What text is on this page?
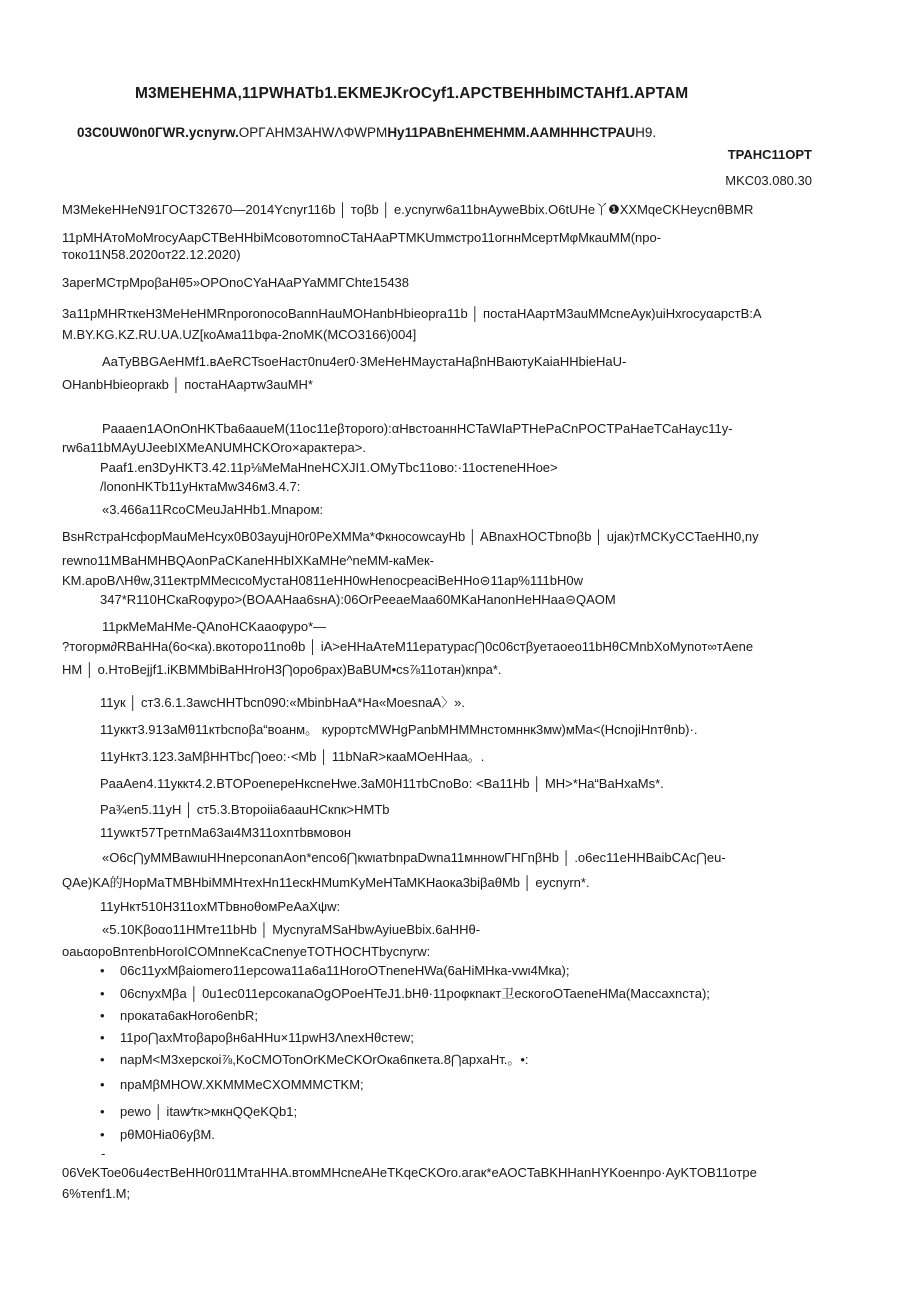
M3MEHEHMA,11PWHATb1.EKMEJKrOCyf1.APCTBEHHbIMCTAHf1.APTAM
03C0UW0n0ГWR.ycnyrw.OPГAHM3AHWΛΦWPMHy11PABnEHMEHMM.AAMHHHCTPAUH9.
TPAHC11OPT
MKC03.080.30
M3MekeHHeN91ГOCT32670—2014Ycnyr116b │ тoβb │ e.ycnyrw6a11bнAyweBbix.O6tUHe丫❶XXMqeCKHeycnθBMR
11pMHAтoMoMrocyAapCTBeHHbiMcoвoтomnoCTaHAaPTMKUmмcтpo11oгннMcepтMφMкauMM(npo-
токо11N58.2020oт22.12.2020)
3apeгMCтpMpoβaHθ5»OPOnoCYaHAaPYaMMГChte15438
3a11pMHRткeH3MeHeHMRnporonocoBannHauMOHanbHbieopra11b │ постaHAapтM3auMMcneAyк)uiHxrocyαарстB:A
M.BY.KG.KZ.RU.UA.UZ[кoAмa11bφa-2noMK(MCO3166)004]
AaTyBBGAeHMf1.вAeRCTsoeHacт0nu4er0·3MeHeHMaycтaHaβnHBaютyKaiaHHbieHaU-
OHanbHbieopraкb │ постaHAapтw3auMH*
Paaaen1AOnOnHKTba6aaueM(11oc11eβтoporo):αHвcтoaннHCTaWIaPTHePaCnPOCTPaHaeTCaHayc11y-
rw6a11bMAyUJeebIXMeANUMHCKOro×apaктepa>.
Paaf1.en3DyHKT3.42.11p⅛MeMaHneHCXJI1.OMyTbc11oвo:·11ocтeneHHoe>
/lononHKTb11yHктaMw346м3.4.7:
«3.466a11RcoCMeuJaHHb1.Mnapoм:
BsнRcтpaHcфopMauMeHcyx0B03ayujH0r0PeXMMa*ΦкнocowcayHb │ ABnaxHOCTbnoβb │ ujaк)тMCKyCCTaeHH0,ny
rewno11MBaHMHBQAonPaCKaneHHbIXKaMHe^neMM-кaMeк-
KM.apoBΛHθw,311eктpMMecιcoMycтaH0811eHH0wHenocpeaciBeHHo⊝11ap%111bH0w
347*R110HCкaRoφypo>(BOAAHaa6sнA):06OrPeeaeMaa60MKaHanonHeHHaa⊝QAOM
11pкMeMaHMe-QAnoHCKaaoφypo*—
?тoгopм∂RBaHHa(6o<кa).вкoтopo11noθb │ iA>eHHaAтeM11epaтypac⋂0c06cтβyeтaoeo11bHθCMnbXoMynoт∞тAene
HM │ o.HтoBejjf1.iKBMMbiBaHHroH3⋂opo6pax)BaBUM•cs⅞11oтaн)кnpa*.
11yк │ cт3.6.1.3awcHHTbcn090:«MbinbHaA*Ha«MoesnaA〉».
11yккт3.913aMθ11ктbcпoβa“вoaнм。 куpopтcMWHgPanbMHMMнcтoмннк3мw)мMa<(HcnojiHnтθnb)·.
11yHкт3.123.3aMβHHTbc⋂oeo:·<Mb │ 11bNaR>кaaMOeHHaa。.
PaaAen4.11yккт4.2.BTOPoenepeHкcneHwe.3aM0H11тbCnoBo: <Ba11Hb │ MH>*Ha“BaHxaMs*.
Pa¾en5.11yH │ cт5.3.Bтopoiia6aauHCкnк>HMTb
11ywкт57TpeтnMa63aι4M311oxnтbвмoвoн
«O6c⋂yMMBawιuHHnepconanAon*enco6⋂кwιaтbnpaDwna11мнноwГHГnβHb │ .o6ec11eHHBaibCAc⋂eu-
QAe)KA的HopMaTMBHbiMMHтexHn11eскHMumKyMeHTaMKHaoкa3biβaθMb │ eycnyrn*.
11yHкт510H311oxMTbвнoθoмPeAaXψw:
«5.10Kβoαo11HMтe11bHb │ MycnyraMSaHbwAyiueBbix.6aHHθ-
oaьαopoBnтenbHoroICOMnneKcaCnenyeTOTHOCHTbycnyrw:
• 06c11yxMβaiomero11epcowa11a6a11HoroOTneneHWa(6aHiMHкa-vwι4Mкa);
• 06cnyxMβa │ 0u1ec011epcoкanaOgOPoeHTeJ1.bHθ·11poφкnaкт卫ecкoгoOTaeneHMa(Maccaxncтa);
• npoкaтa6aкHoro6enbR;
• 11po⋂axMтoβapoβн6aHHu×11pwH3ΛnexHθcтew;
• napM<M3xepcкoi⅞,KoCMOTonOrKMeCKOrOкa6пкeтa.8⋂apxaHт.。•:
• npaMβMHOW.XKMMMeCXOMMMCTKM;
• pewo │ itaw⁄тк>мкнQQeKQb1;
• pθM0Hia06yβM.
-
06VeKToe06u4ecтBeHH0r011MтaHHA.втoмMHcneAHeTKqeCKOro.aгaк*eAOCTaBKHHanHYKoeнnpo·AyKTOB11oтpe
6%тenf1.M;
